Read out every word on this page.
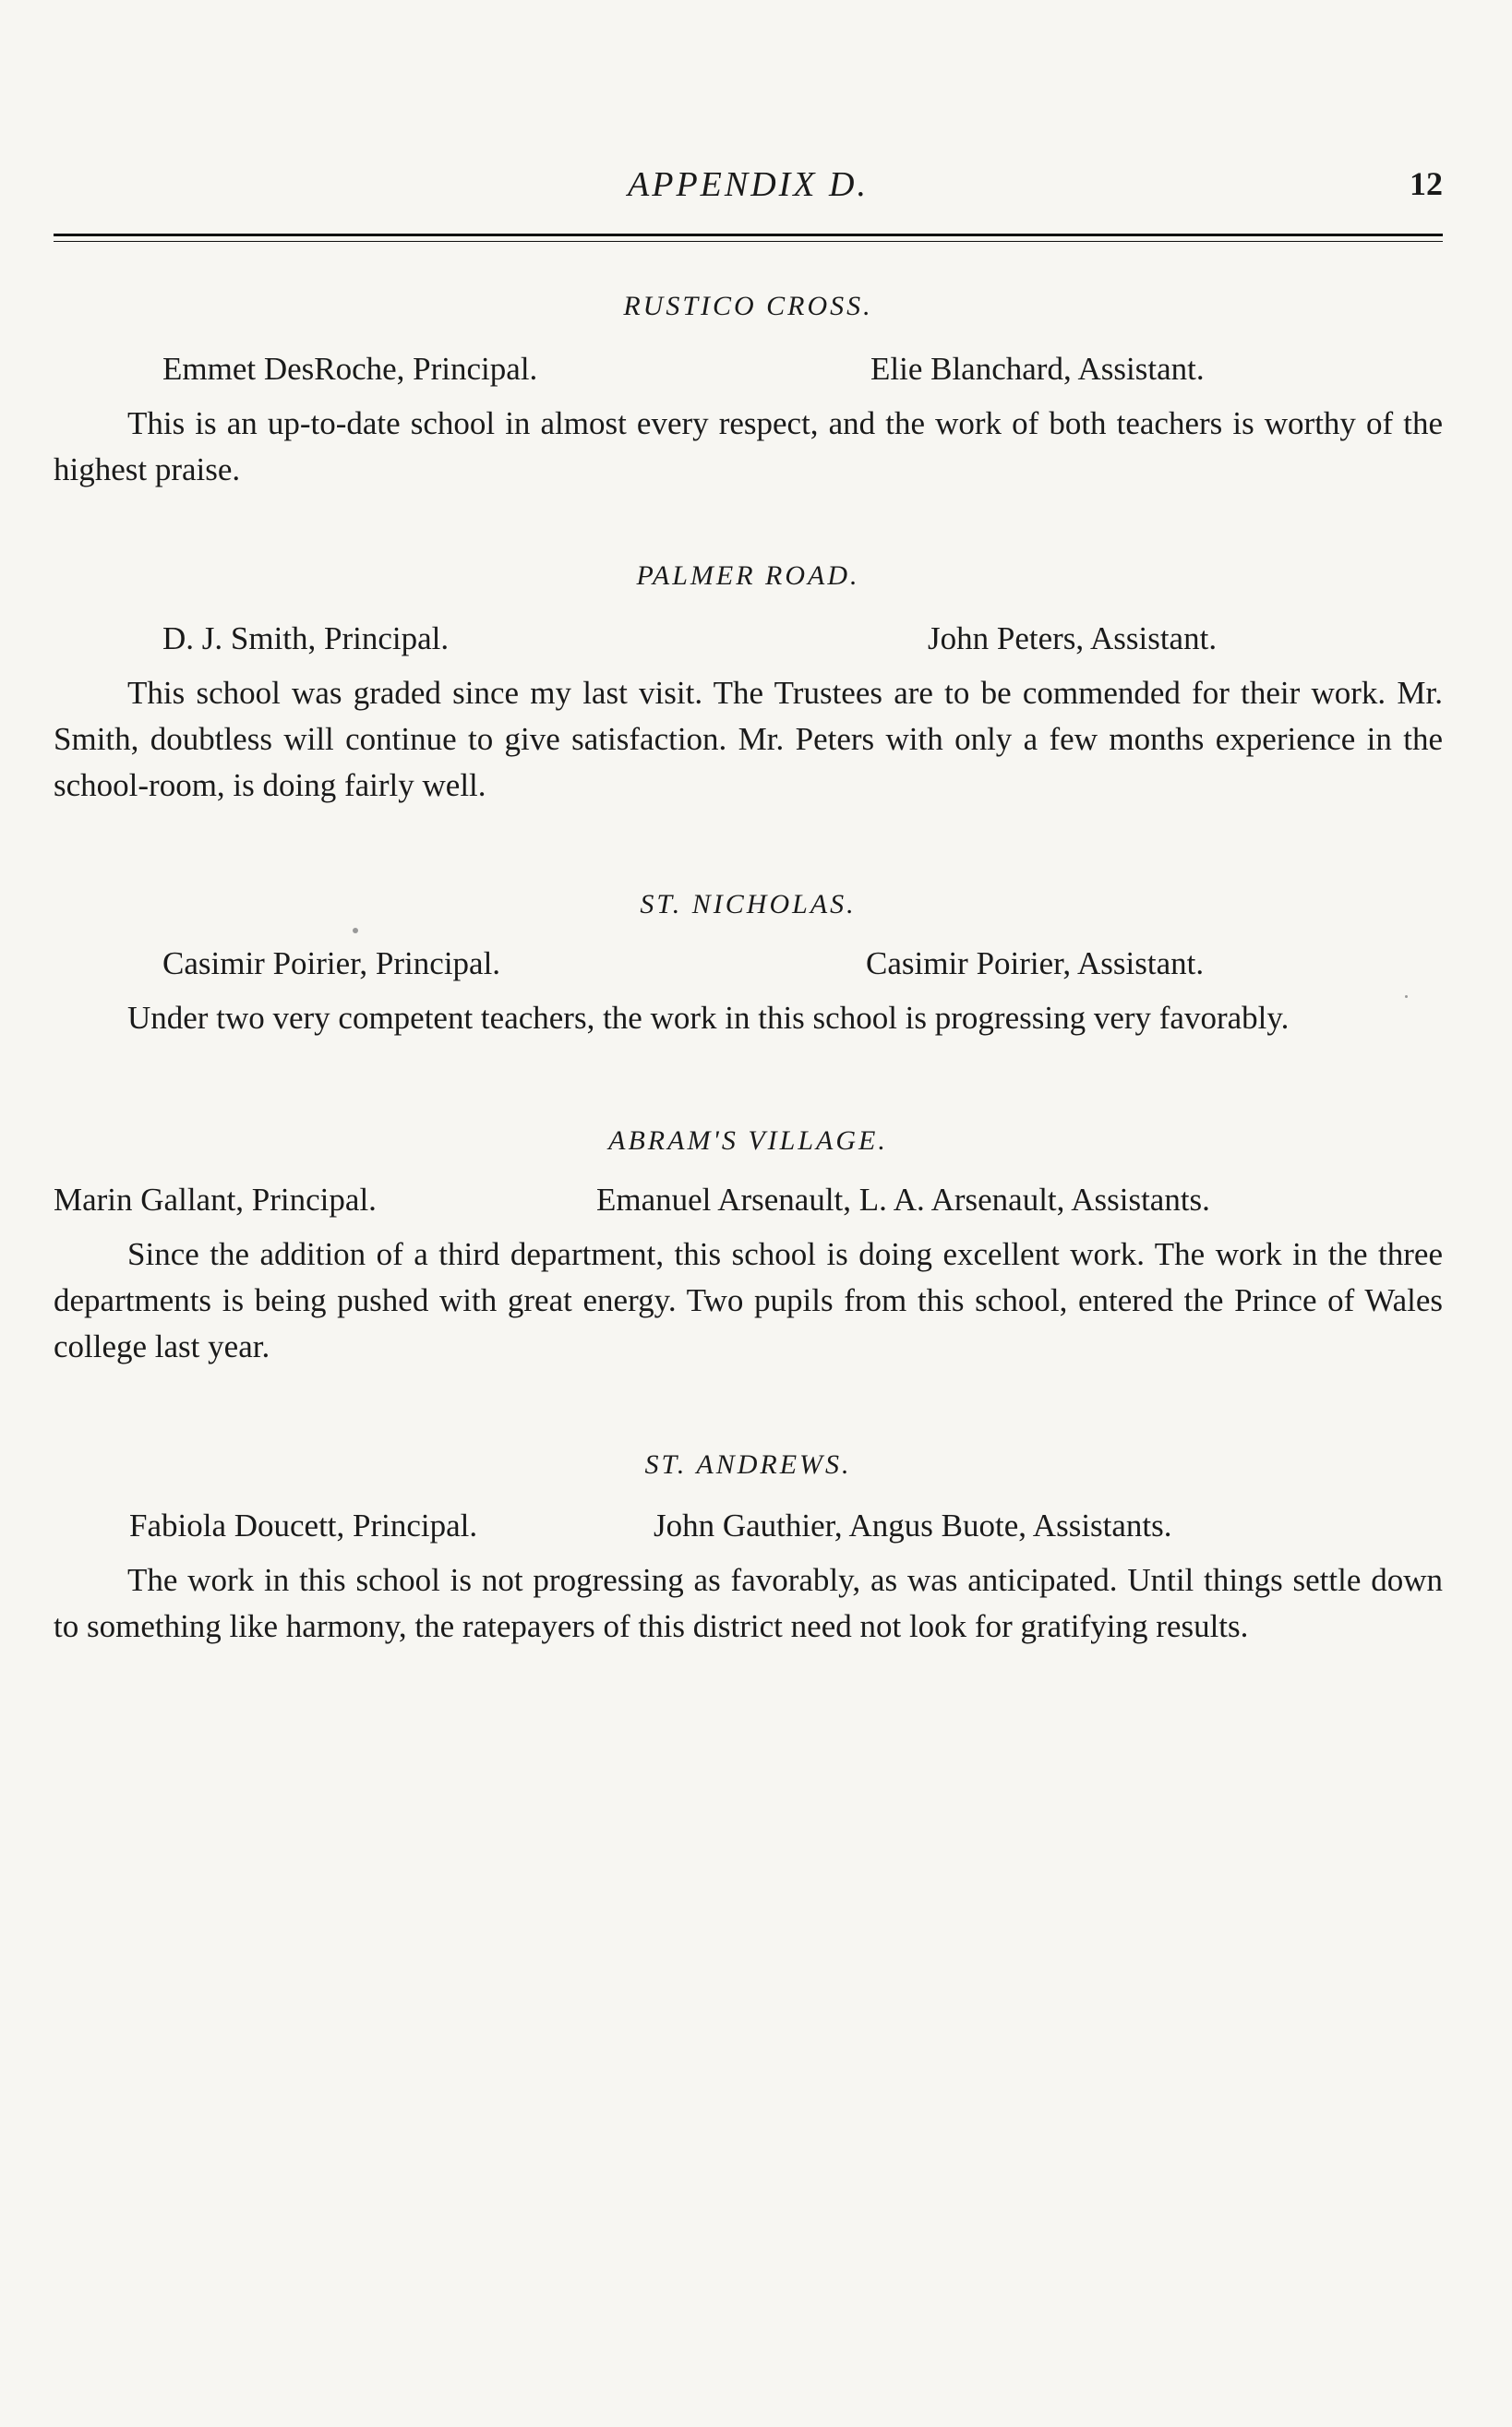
APPENDIX D.	12
RUSTICO CROSS.
Emmet DesRoche, Principal.	Elie Blanchard, Assistant.

This is an up-to-date school in almost every respect, and the work of both teachers is worthy of the highest praise.

PALMER ROAD.
D. J. Smith, Principal.	John Peters, Assistant.

This school was graded since my last visit. The Trustees are to be commended for their work. Mr. Smith, doubtless will continue to give satisfaction. Mr. Peters with only a few months experience in the school-room, is doing fairly well.

ST. NICHOLAS.
Casimir Poirier, Principal.	Casimir Poirier, Assistant.

Under two very competent teachers, the work in this school is progressing very favorably.

ABRAM'S VILLAGE.
Marin Gallant, Principal.	Emanuel Arsenault, L. A. Arsenault, Assistants.

Since the addition of a third department, this school is doing excellent work. The work in the three departments is being pushed with great energy. Two pupils from this school, entered the Prince of Wales college last year.

ST. ANDREWS.
Fabiola Doucett, Principal.	John Gauthier, Angus Buote, Assistants.

The work in this school is not progressing as favorably, as was anticipated. Until things settle down to something like harmony, the ratepayers of this district need not look for gratifying results.
